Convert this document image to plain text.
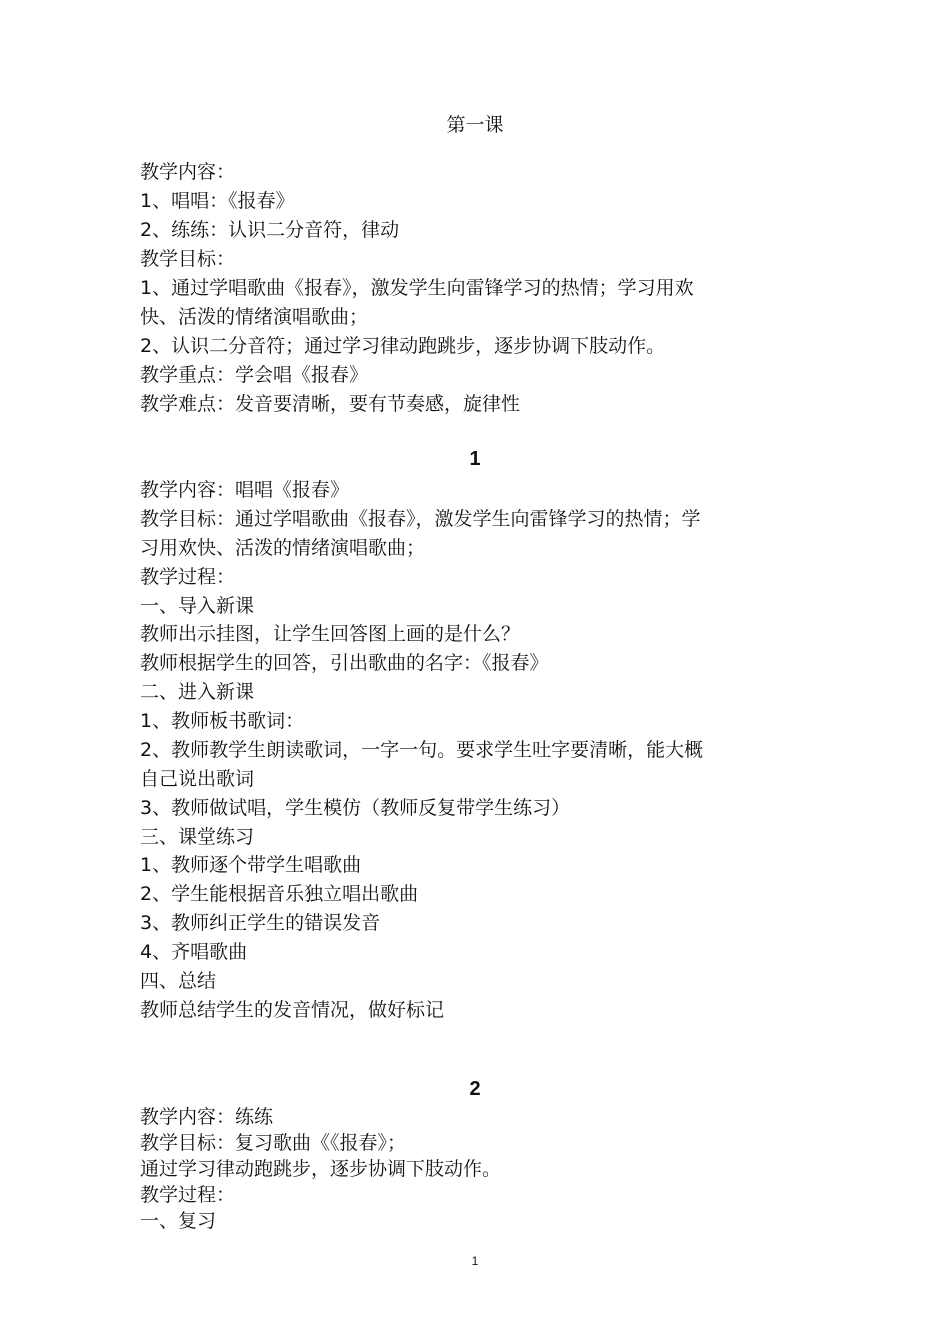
第一课
教学内容：
1、唱唱：《报春》
2、练练：认识二分音符，律动
教学目标：
1、通过学唱歌曲《报春》，激发学生向雷锋学习的热情；学习用欢
快、活泼的情绪演唱歌曲；
2、认识二分音符；通过学习律动跑跳步，逐步协调下肢动作。
教学重点：学会唱《报春》
教学难点：发音要清晰，要有节奏感，旋律性
1
教学内容：唱唱《报春》
教学目标：通过学唱歌曲《报春》，激发学生向雷锋学习的热情；学
习用欢快、活泼的情绪演唱歌曲；
教学过程：
一、导入新课
教师出示挂图，让学生回答图上画的是什么？
教师根据学生的回答，引出歌曲的名字：《报春》
二、进入新课
1、教师板书歌词：
2、教师教学生朗读歌词，一字一句。要求学生吐字要清晰，能大概
自己说出歌词
3、教师做试唱，学生模仿（教师反复带学生练习）
三、课堂练习
1、教师逐个带学生唱歌曲
2、学生能根据音乐独立唱出歌曲
3、教师纠正学生的错误发音
4、齐唱歌曲
四、总结
教师总结学生的发音情况，做好标记
2
教学内容：练练
教学目标：复习歌曲《《报春》；
通过学习律动跑跳步，逐步协调下肢动作。
教学过程：
一、复习
1
